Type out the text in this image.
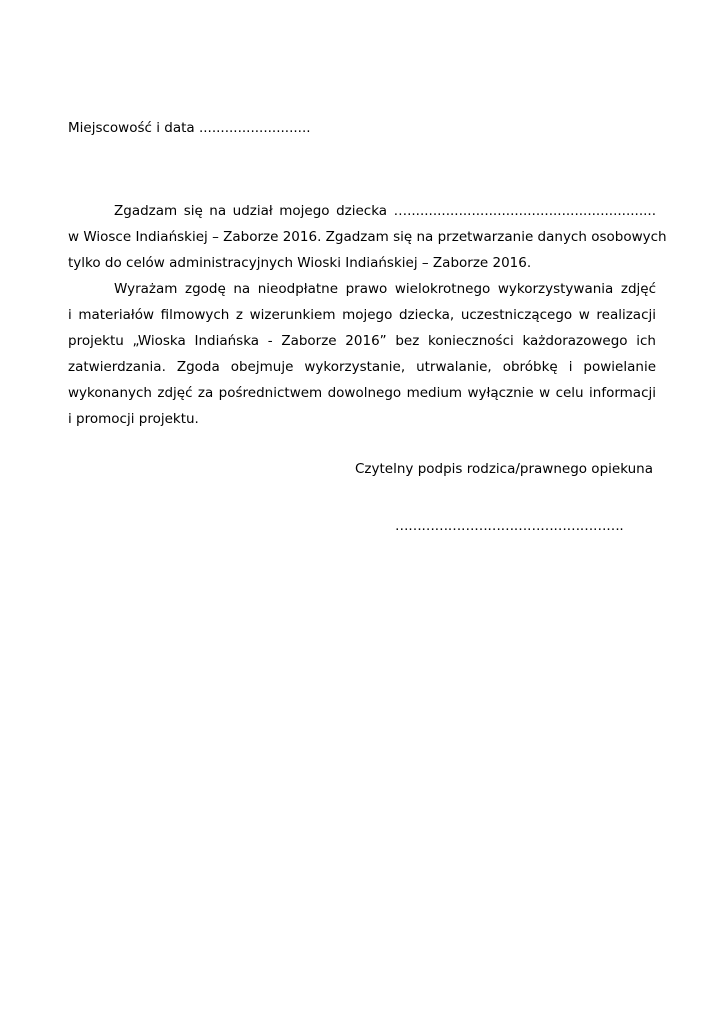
Miejscowość i data ..........................
Zgadzam się na udział mojego dziecka …..........................................................
w Wiosce Indiańskiej – Zaborze 2016. Zgadzam się na przetwarzanie danych osobowych
tylko do celów administracyjnych Wioski Indiańskiej – Zaborze 2016.
Wyrażam zgodę na nieodpłatne prawo wielokrotnego wykorzystywania zdjęć
i materiałów filmowych z wizerunkiem mojego dziecka, uczestniczącego w realizacji
projektu „Wioska Indiańska - Zaborze 2016” bez konieczności każdorazowego ich
zatwierdzania. Zgoda obejmuje wykorzystanie, utrwalanie, obróbkę i powielanie
wykonanych zdjęć za pośrednictwem dowolnego medium wyłącznie w celu informacji
i promocji projektu.
Czytelny podpis rodzica/prawnego opiekuna
…………………………………………….
